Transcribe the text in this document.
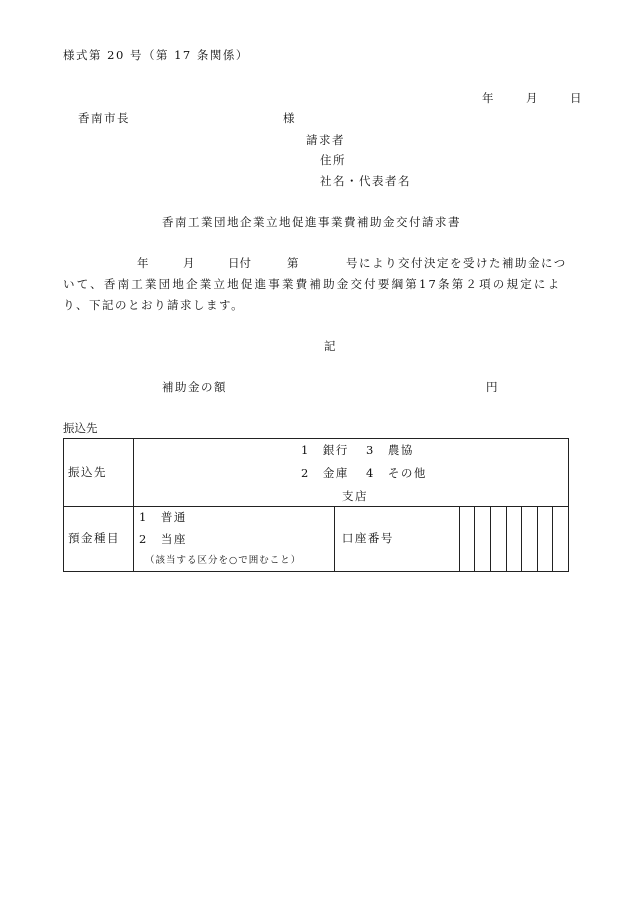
様式第 20 号（第 17 条関係）
年	月	日
香南市長	様
請求者
住所
社名・代表者名
香南工業団地企業立地促進事業費補助金交付請求書
年	月	日付	第	号により交付決定を受けた補助金につ
いて、香南工業団地企業立地促進事業費補助金交付要綱第17条第２項の規定によ
り、下記のとおり請求します。
記
補助金の額	円
振込先
振込先	1　銀行 3　農協
2　金庫 4　その他
支店								

預金種目	1　普通
2　当座
（該当する区分を○で囲むこと）	口座番号							
